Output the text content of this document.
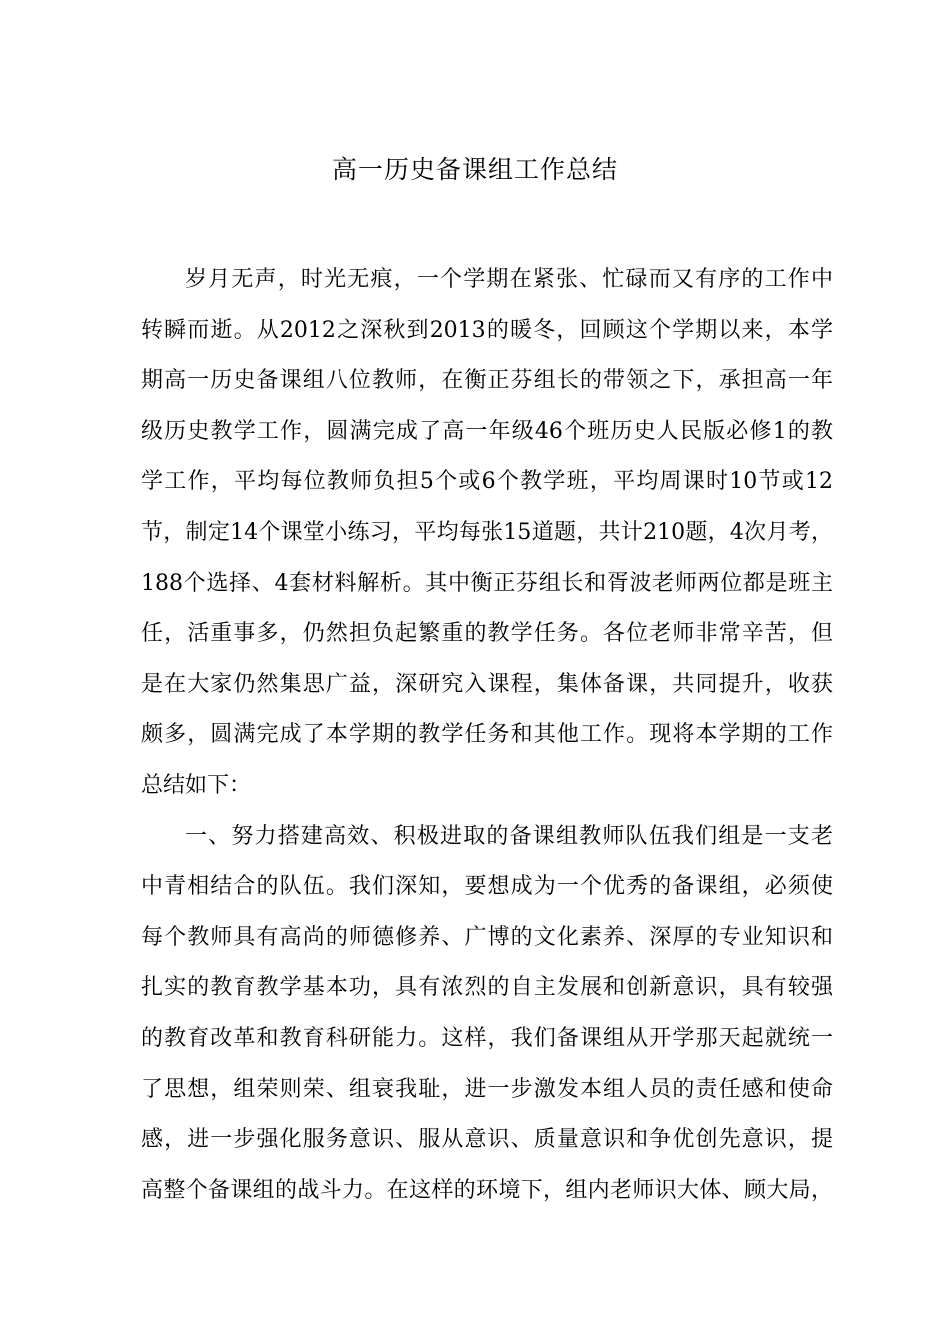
高一历史备课组工作总结
岁月无声，时光无痕，一个学期在紧张、忙碌而又有序的工作中
转瞬而逝。从2012之深秋到2013的暖冬，回顾这个学期以来，本学
期高一历史备课组八位教师，在衡正芬组长的带领之下，承担高一年
级历史教学工作，圆满完成了高一年级46个班历史人民版必修1的教
学工作，平均每位教师负担5个或6个教学班，平均周课时10节或12
节，制定14个课堂小练习，平均每张15道题，共计210题，4次月考，
188个选择、4套材料解析。其中衡正芬组长和胥波老师两位都是班主
任，活重事多，仍然担负起繁重的教学任务。各位老师非常辛苦，但
是在大家仍然集思广益，深研究入课程，集体备课，共同提升，收获
颇多，圆满完成了本学期的教学任务和其他工作。现将本学期的工作
总结如下：
一、努力搭建高效、积极进取的备课组教师队伍我们组是一支老
中青相结合的队伍。我们深知，要想成为一个优秀的备课组，必须使
每个教师具有高尚的师德修养、广博的文化素养、深厚的专业知识和
扎实的教育教学基本功，具有浓烈的自主发展和创新意识，具有较强
的教育改革和教育科研能力。这样，我们备课组从开学那天起就统一
了思想，组荣则荣、组衰我耻，进一步激发本组人员的责任感和使命
感，进一步强化服务意识、服从意识、质量意识和争优创先意识，提
高整个备课组的战斗力。在这样的环境下，组内老师识大体、顾大局，
